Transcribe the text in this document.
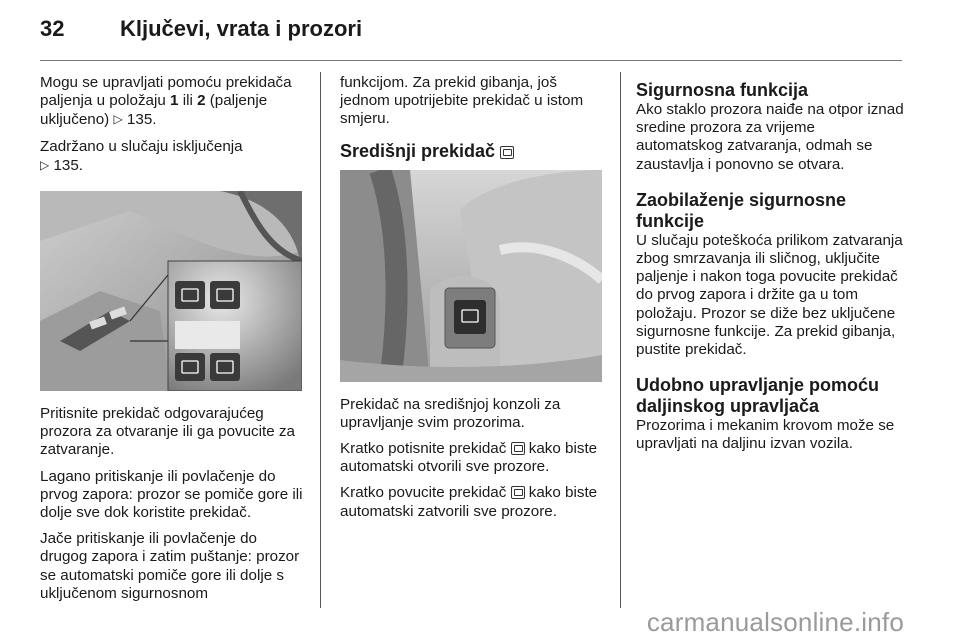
32	Ključevi, vrata i prozori

Mogu se upravljati pomoću prekidača paljenja u položaju 1 ili 2 (paljenje uključeno) ▷ 135.

Zadržano u slučaju isključenja
▷ 135.

Pritisnite prekidač odgovarajućeg prozora za otvaranje ili ga povucite za zatvaranje.

Lagano pritiskanje ili povlačenje do prvog zapora: prozor se pomiče gore ili dolje sve dok koristite prekidač.

Jače pritiskanje ili povlačenje do drugog zapora i zatim puštanje: prozor se automatski pomiče gore ili dolje s uključenom sigurnosnom

funkcijom. Za prekid gibanja, još jednom upotrijebite prekidač u istom smjeru.

Središnji prekidač

Prekidač na središnjoj konzoli za upravljanje svim prozorima.

Kratko potisnite prekidač  kako biste automatski otvorili sve prozore.

Kratko povucite prekidač  kako biste automatski zatvorili sve prozore.

Sigurnosna funkcija

Ako staklo prozora naiđe na otpor iznad sredine prozora za vrijeme automatskog zatvaranja, odmah se zaustavlja i ponovno se otvara.

Zaobilaženje sigurnosne funkcije

U slučaju poteškoća prilikom zatvaranja zbog smrzavanja ili sličnog, uključite paljenje i nakon toga povucite prekidač do prvog zapora i držite ga u tom položaju. Prozor se diže bez uključene sigurnosne funkcije. Za prekid gibanja, pustite prekidač.

Udobno upravljanje pomoću daljinskog upravljača

Prozorima i mekanim krovom može se upravljati na daljinu izvan vozila.

carmanualsonline.info
